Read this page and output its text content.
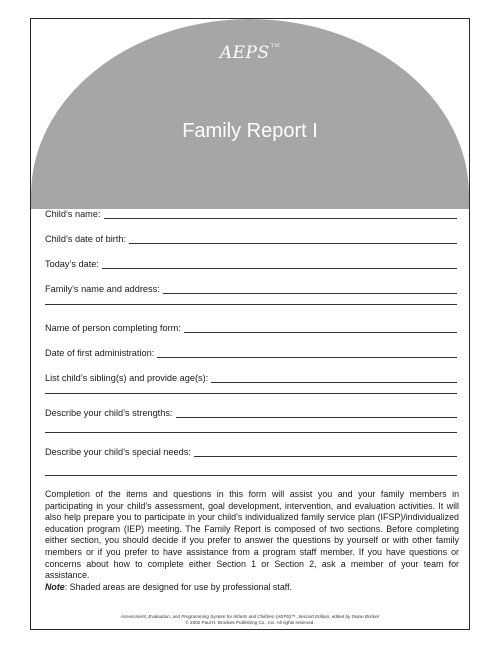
AEPS™
Family Report I
Child’s name:
Child’s date of birth:
Today’s date:
Family’s name and address:
Name of person completing form:
Date of first administration:
List child’s sibling(s) and provide age(s):
Describe your child’s strengths:
Describe your child’s special needs:
Completion of the items and questions in this form will assist you and your family members in participating in your child’s assessment, goal development, intervention, and evaluation activities. It will also help prepare you to participate in your child’s individualized family service plan (IFSP)/individualized education program (IEP) meeting. The Family Report is composed of two sections. Before completing either section, you should decide if you prefer to answer the questions by yourself or with other family members or if you prefer to have assistance from a program staff member. If you have questions or concerns about how to complete either Section 1 or Section 2, ask a member of your team for assistance.
Note: Shaded areas are designed for use by professional staff.
Assessment, Evaluation, and Programming System for Infants and Children (AEPS)™, Second Edition, edited by Diane Bricker
© 2002 Paul H. Brookes Publishing Co., Inc. All rights reserved.
